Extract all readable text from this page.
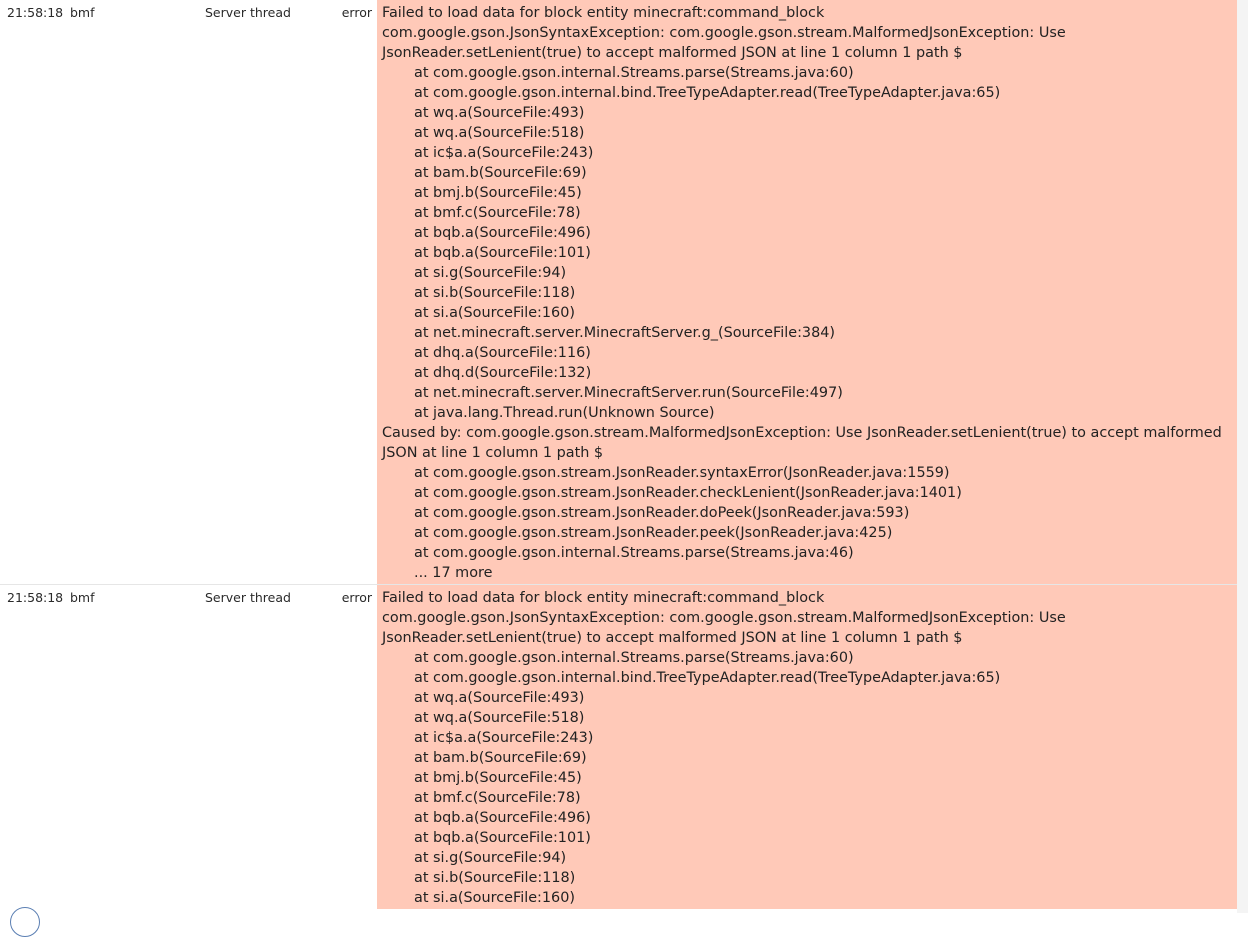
21:58:18 bmf	Server thread	error Failed to load data for block entity minecraft:command_block
com.google.gson.JsonSyntaxException: com.google.gson.stream.MalformedJsonException: Use
JsonReader.setLenient(true) to accept malformed JSON at line 1 column 1 path $
at com.google.gson.internal.Streams.parse(Streams.java:60)
at com.google.gson.internal.bind.TreeTypeAdapter.read(TreeTypeAdapter.java:65)
at wq.a(SourceFile:493)
at wq.a(SourceFile:518)
at ic$a.a(SourceFile:243)
at bam.b(SourceFile:69)
at bmj.b(SourceFile:45)
at bmf.c(SourceFile:78)
at bqb.a(SourceFile:496)
at bqb.a(SourceFile:101)
at si.g(SourceFile:94)
at si.b(SourceFile:118)
at si.a(SourceFile:160)
at net.minecraft.server.MinecraftServer.g_(SourceFile:384)
at dhq.a(SourceFile:116)
at dhq.d(SourceFile:132)
at net.minecraft.server.MinecraftServer.run(SourceFile:497)
at java.lang.Thread.run(Unknown Source)
Caused by: com.google.gson.stream.MalformedJsonException: Use JsonReader.setLenient(true) to accept malformed
JSON at line 1 column 1 path $
at com.google.gson.stream.JsonReader.syntaxError(JsonReader.java:1559)
at com.google.gson.stream.JsonReader.checkLenient(JsonReader.java:1401)
at com.google.gson.stream.JsonReader.doPeek(JsonReader.java:593)
at com.google.gson.stream.JsonReader.peek(JsonReader.java:425)
at com.google.gson.internal.Streams.parse(Streams.java:46)
... 17 more
21:58:18 bmf	Server thread	error Failed to load data for block entity minecraft:command_block
com.google.gson.JsonSyntaxException: com.google.gson.stream.MalformedJsonException: Use
JsonReader.setLenient(true) to accept malformed JSON at line 1 column 1 path $
at com.google.gson.internal.Streams.parse(Streams.java:60)
at com.google.gson.internal.bind.TreeTypeAdapter.read(TreeTypeAdapter.java:65)
at wq.a(SourceFile:493)
at wq.a(SourceFile:518)
at ic$a.a(SourceFile:243)
at bam.b(SourceFile:69)
at bmj.b(SourceFile:45)
at bmf.c(SourceFile:78)
at bqb.a(SourceFile:496)
at bqb.a(SourceFile:101)
at si.g(SourceFile:94)
at si.b(SourceFile:118)
at si.a(SourceFile:160)
